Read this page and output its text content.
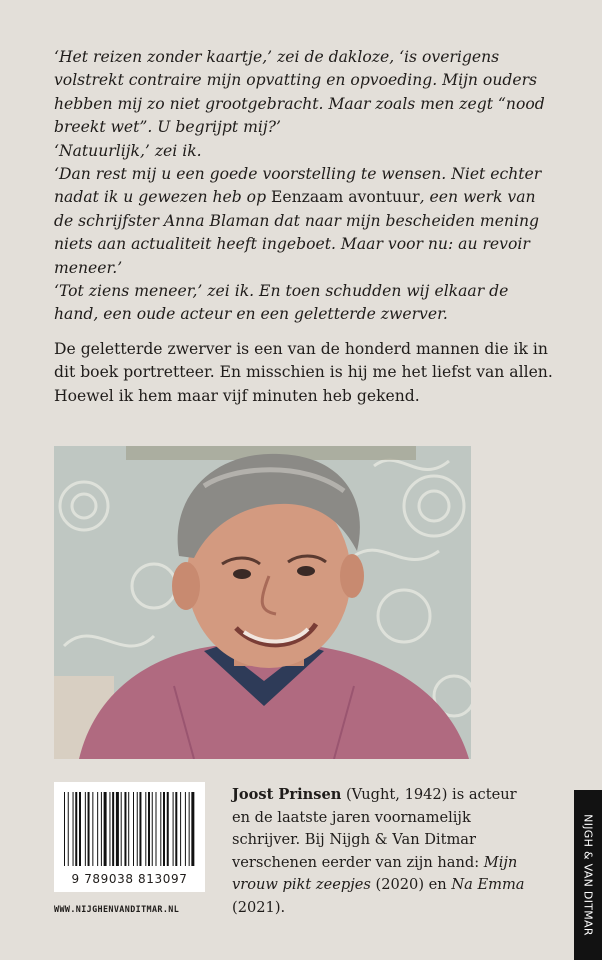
‘Het reizen zonder kaartje,’ zei de dakloze, ‘is overigens volstrekt contraire mijn opvatting en opvoeding. Mijn ouders hebben mij zo niet grootgebracht. Maar zoals men zegt “nood breekt wet”. U begrijpt mij?’

‘Natuurlijk,’ zei ik.

‘Dan rest mij u een goede voorstelling te wensen. Niet echter nadat ik u gewezen heb op Eenzaam avontuur, een werk van de schrijfster Anna Blaman dat naar mijn bescheiden mening niets aan actualiteit heeft ingeboet. Maar voor nu: au revoir meneer.’

‘Tot ziens meneer,’ zei ik. En toen schudden wij elkaar de hand, een oude acteur en een geletterde zwerver.

De geletterde zwerver is een van de honderd mannen die ik in dit boek portretteer. En misschien is hij me het liefst van allen. Hoewel ik hem maar vijf minuten heb gekend.

9 789038 813097
WWW.NIJGHENVANDITMAR.NL

Joost Prinsen (Vught, 1942) is acteur en de laatste jaren voornamelijk schrijver. Bij Nijgh & Van Ditmar verschenen eerder van zijn hand: Mijn vrouw pikt zeepjes (2020) en Na Emma (2021).	NIJGH & VAN DITMAR
